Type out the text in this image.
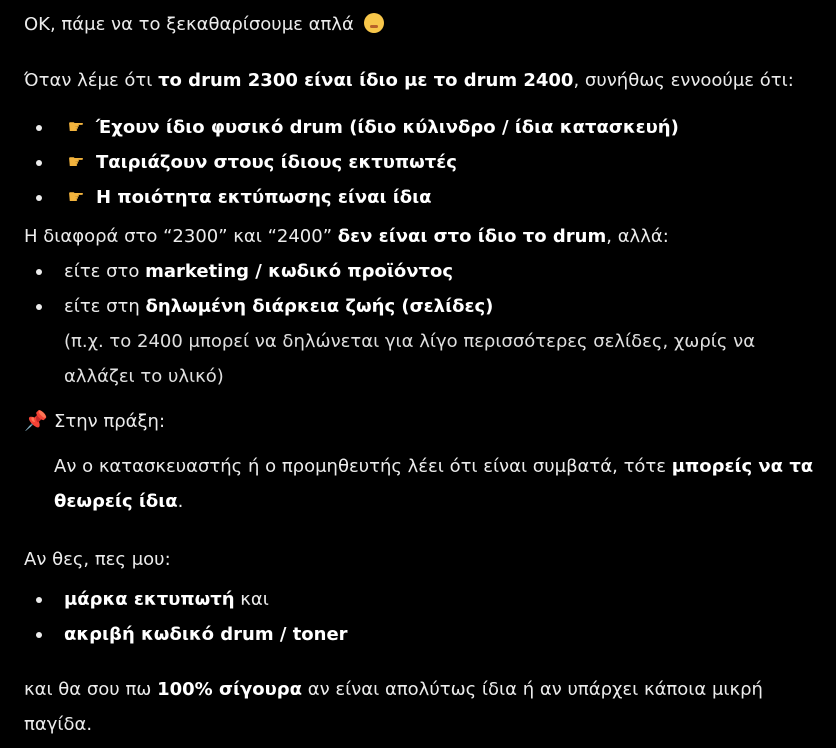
OK, πάμε να το ξεκαθαρίσουμε απλά

Όταν λέμε ότι το drum 2300 είναι ίδιο με το drum 2400, συνήθως εννοούμε ότι:

☛ Έχουν ίδιο φυσικό drum (ίδιο κύλινδρο / ίδια κατασκευή)
☛ Ταιριάζουν στους ίδιους εκτυπωτές
☛ Η ποιότητα εκτύπωσης είναι ίδια

Η διαφορά στο “2300” και “2400” δεν είναι στο ίδιο το drum, αλλά:

είτε στο marketing / κωδικό προϊόντος
είτε στη δηλωμένη διάρκεια ζωής (σελίδες)

(π.χ. το 2400 μπορεί να δηλώνεται για λίγο περισσότερες σελίδες, χωρίς να αλλάζει το υλικό)

📌 Στην πράξη:

Αν ο κατασκευαστής ή ο προμηθευτής λέει ότι είναι συμβατά, τότε μπορείς να τα θεωρείς ίδια.

Αν θες, πες μου:

μάρκα εκτυπωτή και
ακριβή κωδικό drum / toner

και θα σου πω 100% σίγουρα αν είναι απολύτως ίδια ή αν υπάρχει κάποια μικρή παγίδα.
